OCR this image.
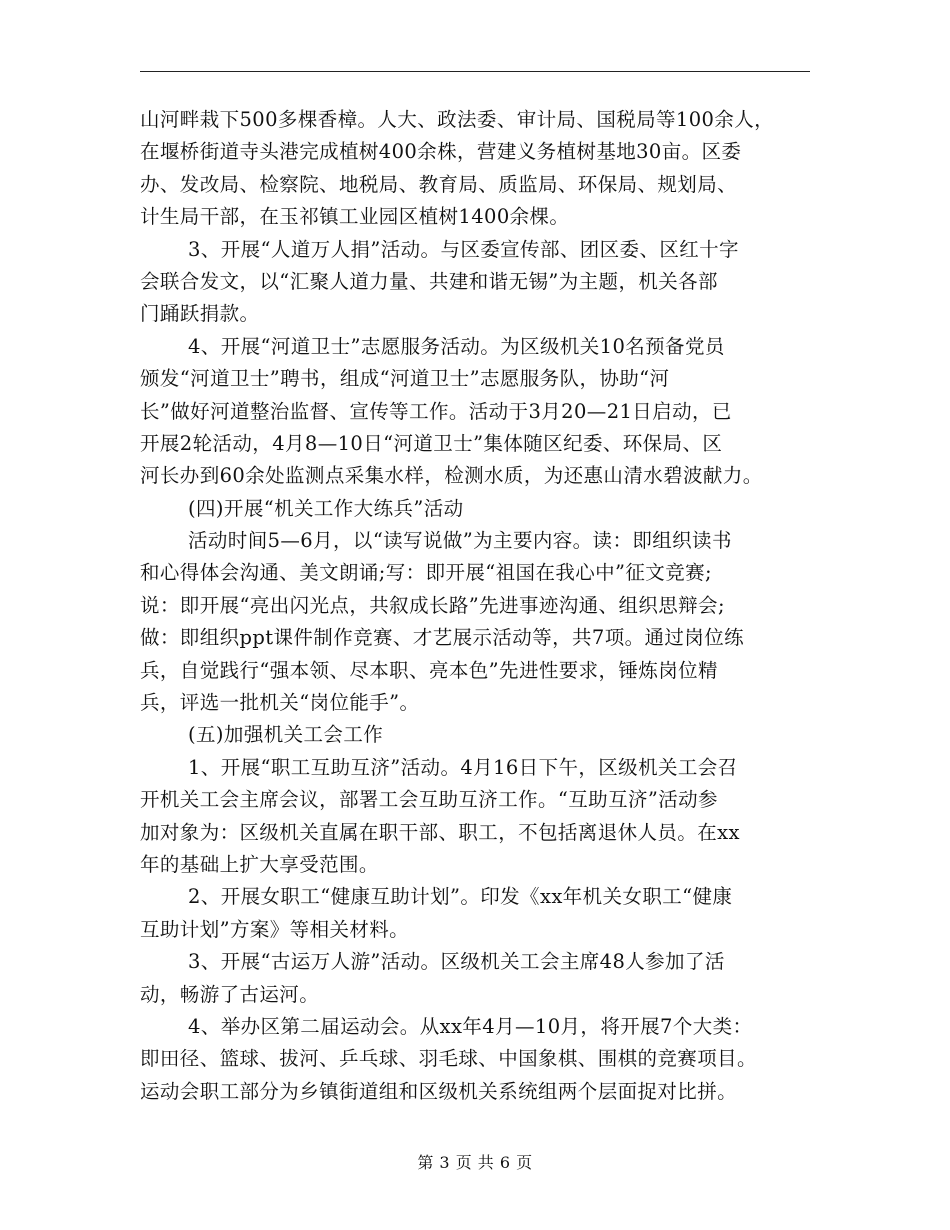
山河畔栽下500多棵香樟。人大、政法委、审计局、国税局等100余人，
在堰桥街道寺头港完成植树400余株，营建义务植树基地30亩。区委
办、发改局、检察院、地税局、教育局、质监局、环保局、规划局、
计生局干部，在玉祁镇工业园区植树1400余棵。
3、开展“人道万人捐”活动。与区委宣传部、团区委、区红十字
会联合发文，以“汇聚人道力量、共建和谐无锡”为主题，机关各部
门踊跃捐款。
4、开展“河道卫士”志愿服务活动。为区级机关10名预备党员
颁发“河道卫士”聘书，组成“河道卫士”志愿服务队，协助“河
长”做好河道整治监督、宣传等工作。活动于3月20—21日启动，已
开展2轮活动，4月8—10日“河道卫士”集体随区纪委、环保局、区
河长办到60余处监测点采集水样，检测水质，为还惠山清水碧波献力。
(四)开展“机关工作大练兵”活动
活动时间5—6月，以“读写说做”为主要内容。读：即组织读书
和心得体会沟通、美文朗诵;写：即开展“祖国在我心中”征文竞赛;
说：即开展“亮出闪光点，共叙成长路”先进事迹沟通、组织思辩会;
做：即组织ppt课件制作竞赛、才艺展示活动等，共7项。通过岗位练
兵，自觉践行“强本领、尽本职、亮本色”先进性要求，锤炼岗位精
兵，评选一批机关“岗位能手”。
(五)加强机关工会工作
1、开展“职工互助互济”活动。4月16日下午，区级机关工会召
开机关工会主席会议，部署工会互助互济工作。“互助互济”活动参
加对象为：区级机关直属在职干部、职工，不包括离退休人员。在xx
年的基础上扩大享受范围。
2、开展女职工“健康互助计划”。印发《xx年机关女职工“健康
互助计划”方案》等相关材料。
3、开展“古运万人游”活动。区级机关工会主席48人参加了活
动，畅游了古运河。
4、举办区第二届运动会。从xx年4月—10月，将开展7个大类：
即田径、篮球、拔河、乒乓球、羽毛球、中国象棋、围棋的竞赛项目。
运动会职工部分为乡镇街道组和区级机关系统组两个层面捉对比拼。
第 3 页 共 6 页
